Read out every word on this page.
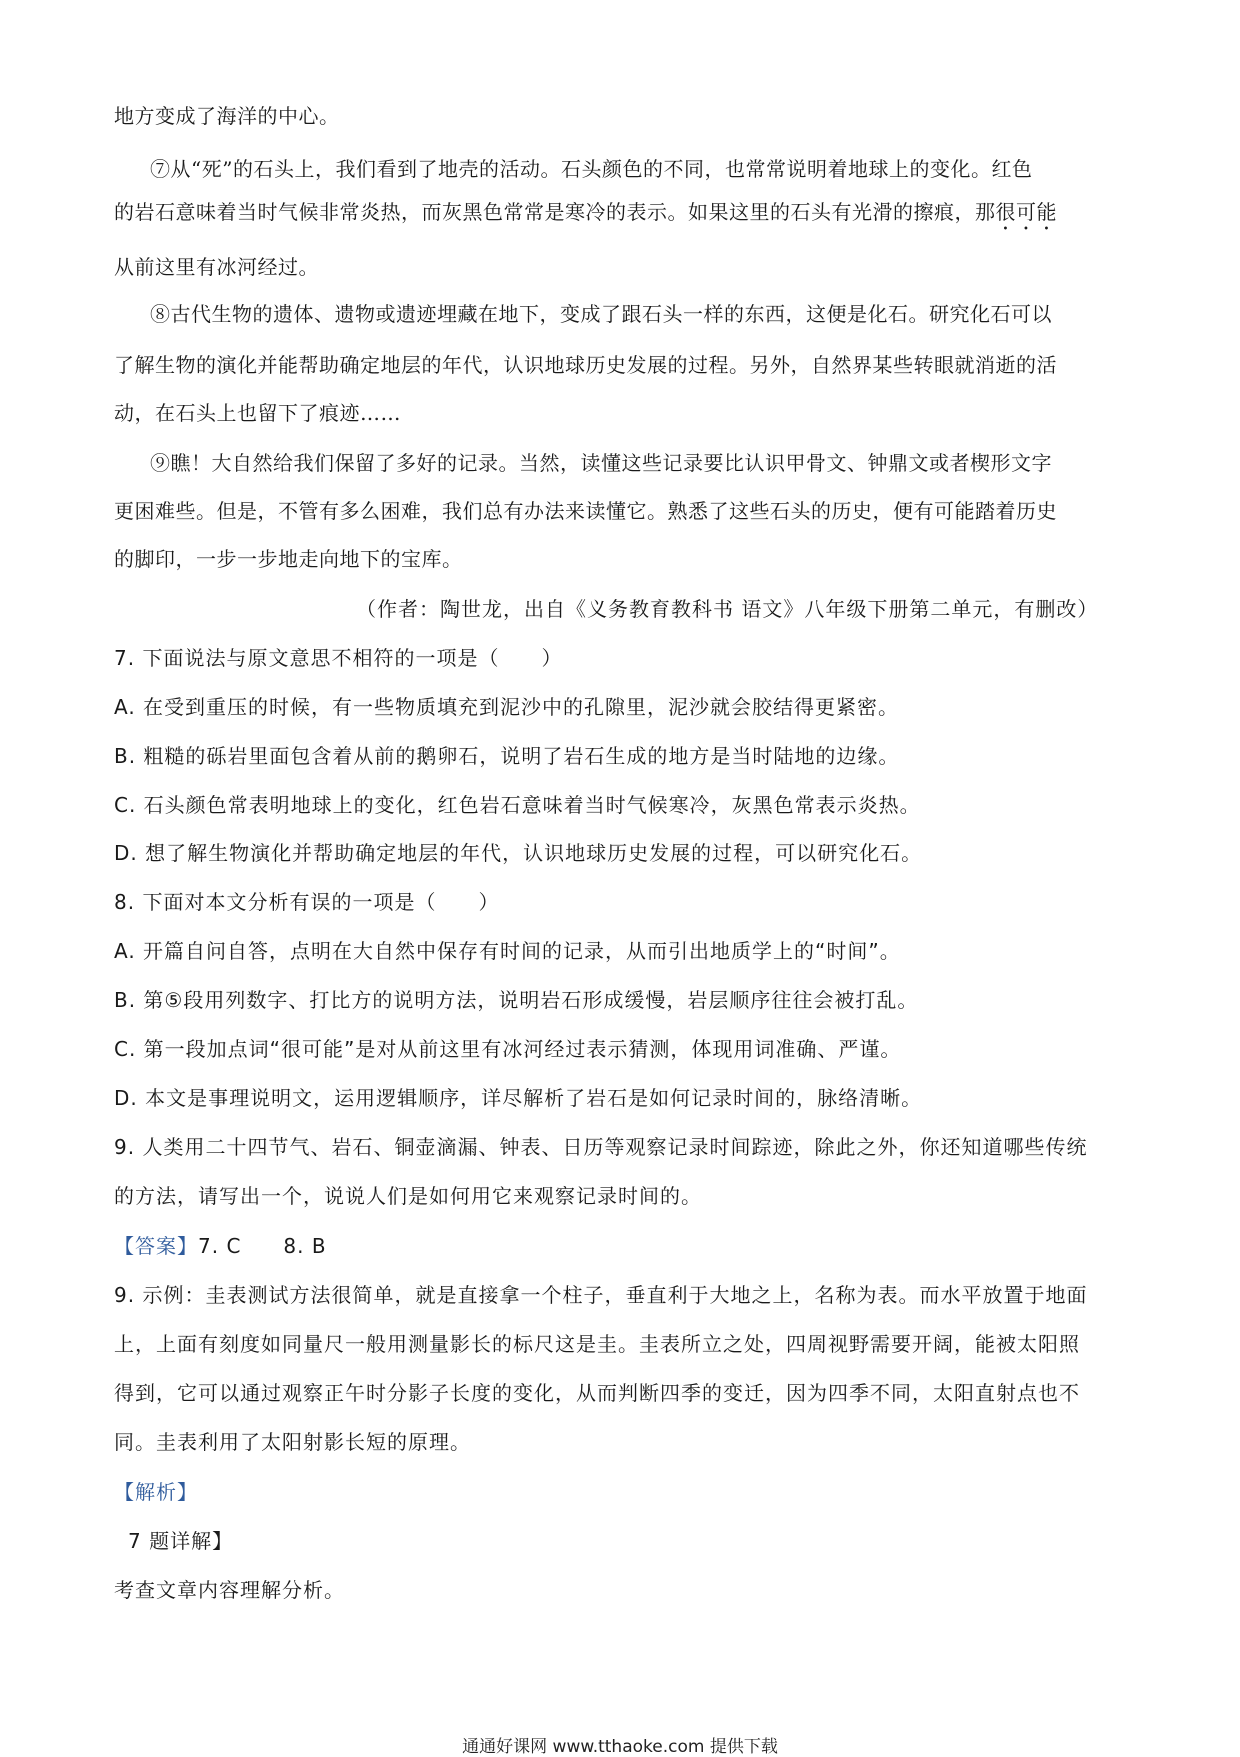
地方变成了海洋的中心。
⑦从“死”的石头上，我们看到了地壳的活动。石头颜色的不同，也常常说明着地球上的变化。红色
的岩石意味着当时气候非常炎热，而灰黑色常常是寒冷的表示。如果这里的石头有光滑的擦痕，那很可能
从前这里有冰河经过。
⑧古代生物的遗体、遗物或遗迹埋藏在地下，变成了跟石头一样的东西，这便是化石。研究化石可以
了解生物的演化并能帮助确定地层的年代，认识地球历史发展的过程。另外，自然界某些转眼就消逝的活
动，在石头上也留下了痕迹……
⑨瞧！大自然给我们保留了多好的记录。当然，读懂这些记录要比认识甲骨文、钟鼎文或者楔形文字
更困难些。但是，不管有多么困难，我们总有办法来读懂它。熟悉了这些石头的历史，便有可能踏着历史
的脚印，一步一步地走向地下的宝库。
（作者：陶世龙，出自《义务教育教科书 语文》八年级下册第二单元，有删改）
7. 下面说法与原文意思不相符的一项是（　　）
A. 在受到重压的时候，有一些物质填充到泥沙中的孔隙里，泥沙就会胶结得更紧密。
B. 粗糙的砾岩里面包含着从前的鹅卵石，说明了岩石生成的地方是当时陆地的边缘。
C. 石头颜色常表明地球上的变化，红色岩石意味着当时气候寒冷，灰黑色常表示炎热。
D. 想了解生物演化并帮助确定地层的年代，认识地球历史发展的过程，可以研究化石。
8. 下面对本文分析有误的一项是（　　）
A. 开篇自问自答，点明在大自然中保存有时间的记录，从而引出地质学上的“时间”。
B. 第⑤段用列数字、打比方的说明方法，说明岩石形成缓慢，岩层顺序往往会被打乱。
C. 第一段加点词“很可能”是对从前这里有冰河经过表示猜测，体现用词准确、严谨。
D. 本文是事理说明文，运用逻辑顺序，详尽解析了岩石是如何记录时间的，脉络清晰。
9. 人类用二十四节气、岩石、铜壶滴漏、钟表、日历等观察记录时间踪迹，除此之外，你还知道哪些传统
的方法，请写出一个，说说人们是如何用它来观察记录时间的。
【答案】7. C　　8. B
9. 示例：圭表测试方法很简单，就是直接拿一个柱子，垂直利于大地之上，名称为表。而水平放置于地面
上，上面有刻度如同量尺一般用测量影长的标尺这是圭。圭表所立之处，四周视野需要开阔，能被太阳照
得到，它可以通过观察正午时分影子长度的变化，从而判断四季的变迁，因为四季不同，太阳直射点也不
同。圭表利用了太阳射影长短的原理。
【解析】
7 题详解】
考查文章内容理解分析。
通通好课网 www.tthaoke.com 提供下载
